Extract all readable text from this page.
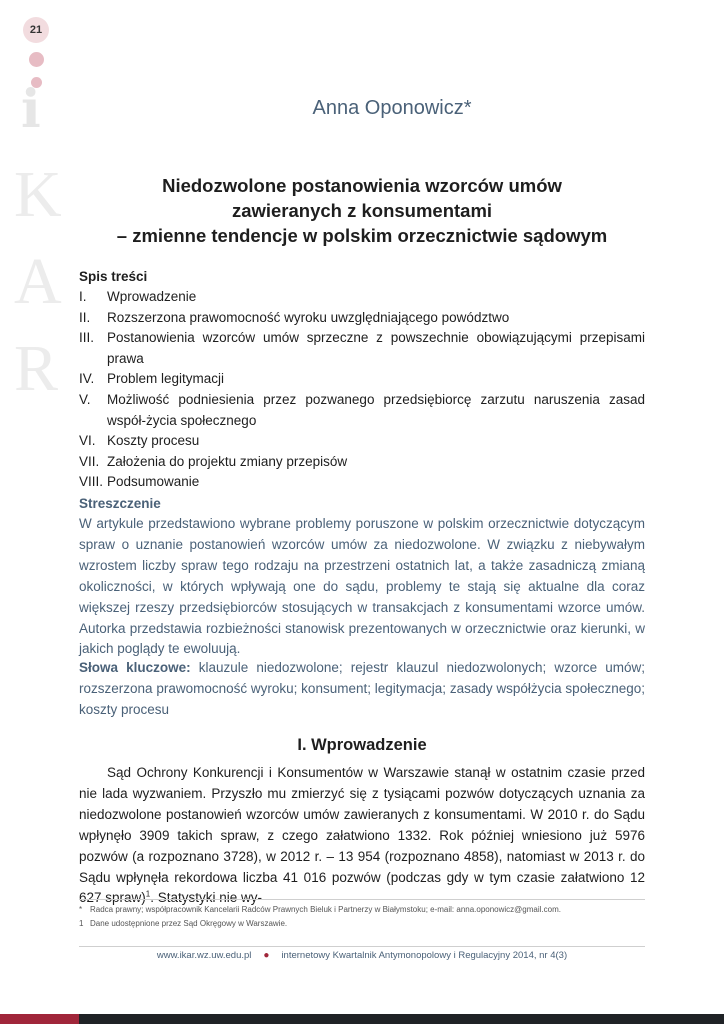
21
i
K
A
R
Anna Oponowicz*
Niedozwolone postanowienia wzorców umów
zawieranych z konsumentami
– zmienne tendencje w polskim orzecznictwie sądowym
Spis treści
I.	Wprowadzenie
II.	Rozszerzona prawomocność wyroku uwzględniającego powództwo
III. Postanowienia wzorców umów sprzeczne z powszechnie obowiązującymi przepisami prawa
IV. Problem legitymacji
V.	Możliwość podniesienia przez pozwanego przedsiębiorcę zarzutu naruszenia zasad współ-życia społecznego
VI. Koszty procesu
VII. Założenia do projektu zmiany przepisów
VIII. Podsumowanie
Streszczenie

W artykule przedstawiono wybrane problemy poruszone w polskim orzecznictwie dotyczącym spraw o uznanie postanowień wzorców umów za niedozwolone. W związku z niebywałym wzrostem liczby spraw tego rodzaju na przestrzeni ostatnich lat, a także zasadniczą zmianą okoliczności, w których wpływają one do sądu, problemy te stają się aktualne dla coraz większej rzeszy przedsiębiorców stosujących w transakcjach z konsumentami wzorce umów. Autorka przedstawia rozbieżności stanowisk prezentowanych w orzecznictwie oraz kierunki, w jakich poglądy te ewoluują.

Słowa kluczowe: klauzule niedozwolone; rejestr klauzul niedozwolonych; wzorce umów; rozszerzona prawomocność wyroku; konsument; legitymacja; zasady współżycia społecznego; koszty procesu

I. Wprowadzenie

Sąd Ochrony Konkurencji i Konsumentów w Warszawie stanął w ostatnim czasie przed nie lada wyzwaniem. Przyszło mu zmierzyć się z tysiącami pozwów dotyczących uznania za niedozwolone postanowień wzorców umów zawieranych z konsumentami. W 2010 r. do Sądu wpłynęło 3909 takich spraw, z czego załatwiono 1332. Rok później wniesiono już 5976 pozwów (a rozpoznano 3728), w 2012 r. – 13 954 (rozpoznano 4858), natomiast w 2013 r. do Sądu wpłynęła rekordowa liczba 41 016 pozwów (podczas gdy w tym czasie załatwiono 12 627 spraw)$^1$. Statystyki nie wy-

* Radca prawny; współpracownik Kancelarii Radców Prawnych Bieluk i Partnerzy w Białymstoku; e-mail: anna.oponowicz@gmail.com.
1 Dane udostępnione przez Sąd Okręgowy w Warszawie.
www.ikar.wz.uw.edu.pl ● internetowy Kwartalnik Antymonopolowy i Regulacyjny 2014, nr 4(3)
